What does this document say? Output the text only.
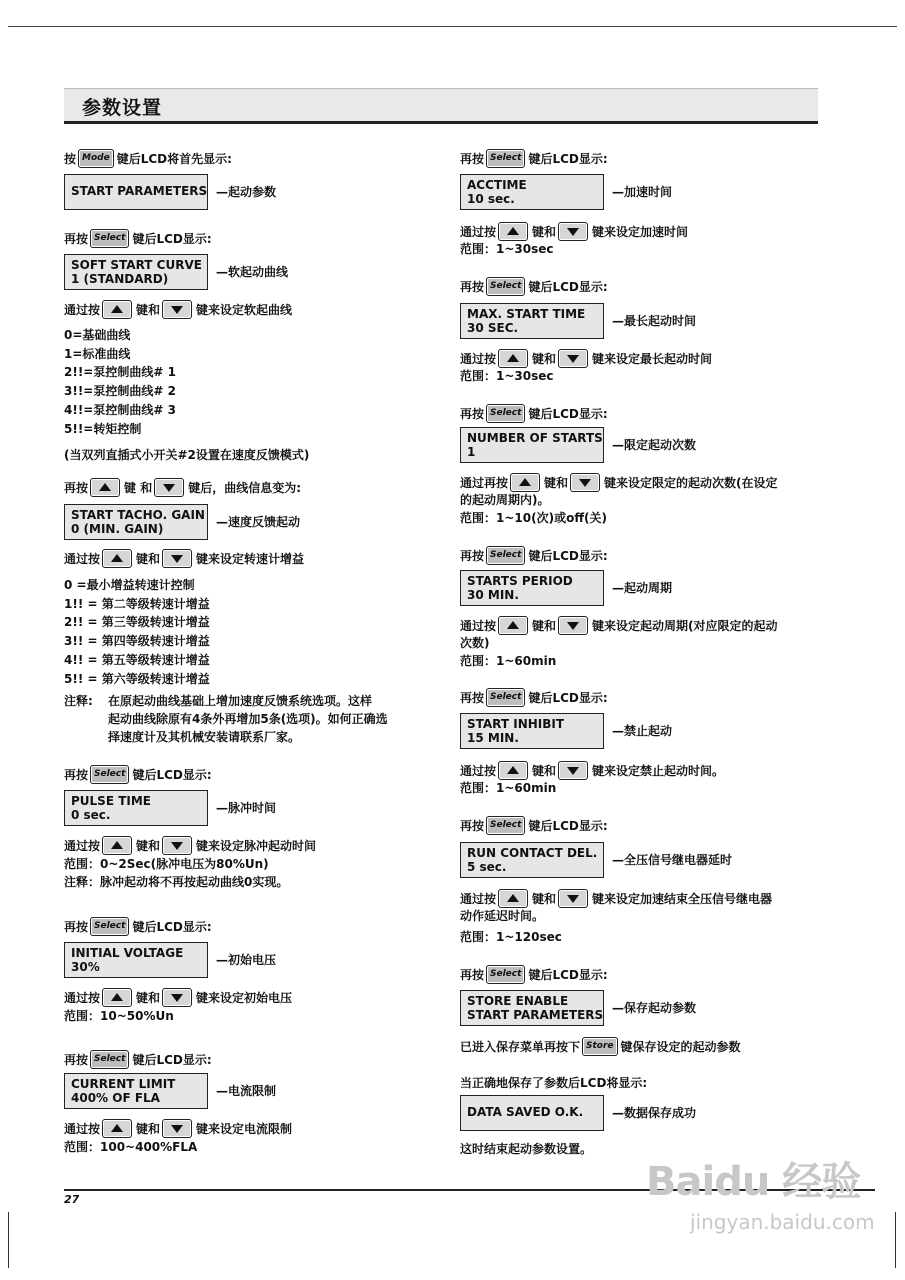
参数设置
按 Mode 键后LCD将首先显示:
START PARAMETERS —起动参数
再按 Select 键后LCD显示:
SOFT START CURVE
1 (STANDARD)	—软起动曲线
通过按	键和	键来设定软起曲线
0=基础曲线
1=标准曲线
2!!=泵控制曲线# 1
3!!=泵控制曲线# 2
4!!=泵控制曲线# 3
5!!=转矩控制
(当双列直插式小开关#2设置在速度反馈模式)
再按	键 和	键后，曲线信息变为:
START TACHO. GAIN
0 (MIN. GAIN)	—速度反馈起动
通过按	键和	键来设定转速计增益
0 =最小增益转速计控制
1!! = 第二等级转速计增益
2!! = 第三等级转速计增益
3!! = 第四等级转速计增益
4!! = 第五等级转速计增益
5!! = 第六等级转速计增益
注释: 在原起动曲线基础上增加速度反馈系统选项。这样
起动曲线除原有4条外再增加5条(选项)。如何正确选
择速度计及其机械安装请联系厂家。
再按 Select 键后LCD显示:
PULSE TIME
0 sec.	—脉冲时间
通过按	键和	键来设定脉冲起动时间
范围：0~2Sec(脉冲电压为80%Un)
注释：脉冲起动将不再按起动曲线0实现。
再按 Select 键后LCD显示:
INITIAL VOLTAGE
30%	—初始电压
通过按	键和	键来设定初始电压
范围：10~50%Un
再按 Select 键后LCD显示:
CURRENT LIMIT
400% OF FLA	—电流限制
通过按	键和	键来设定电流限制
范围：100~400%FLA
再按 Select 键后LCD显示:
ACCTIME
10 sec.	—加速时间
通过按	键和	键来设定加速时间
范围：1~30sec
再按 Select 键后LCD显示:
MAX. START TIME
30 SEC.	—最长起动时间
通过按	键和	键来设定最长起动时间
范围：1~30sec
再按 Select 键后LCD显示:
NUMBER OF STARTS
1	—限定起动次数
通过再按	键和	键来设定限定的起动次数(在设定
的起动周期内)。
范围：1~10(次)或off(关)
再按 Select 键后LCD显示:
STARTS PERIOD
30 MIN.	—起动周期
通过按	键和	键来设定起动周期(对应限定的起动
次数)
范围：1~60min
再按 Select 键后LCD显示:
START INHIBIT
15 MIN.	—禁止起动
通过按	键和	键来设定禁止起动时间。
范围：1~60min
再按 Select 键后LCD显示:
RUN CONTACT DEL.
5 sec.	—全压信号继电器延时
通过按	键和	键来设定加速结束全压信号继电器
动作延迟时间。
范围：1~120sec
再按 Select 键后LCD显示:
STORE ENABLE
START PARAMETERS —保存起动参数
已进入保存菜单再按下 Store 键保存设定的起动参数
当正确地保存了参数后LCD将显示:
DATA SAVED O.K.	—数据保存成功
这时结束起动参数设置。
27	Baidu 经验
jingyan.baidu.com
